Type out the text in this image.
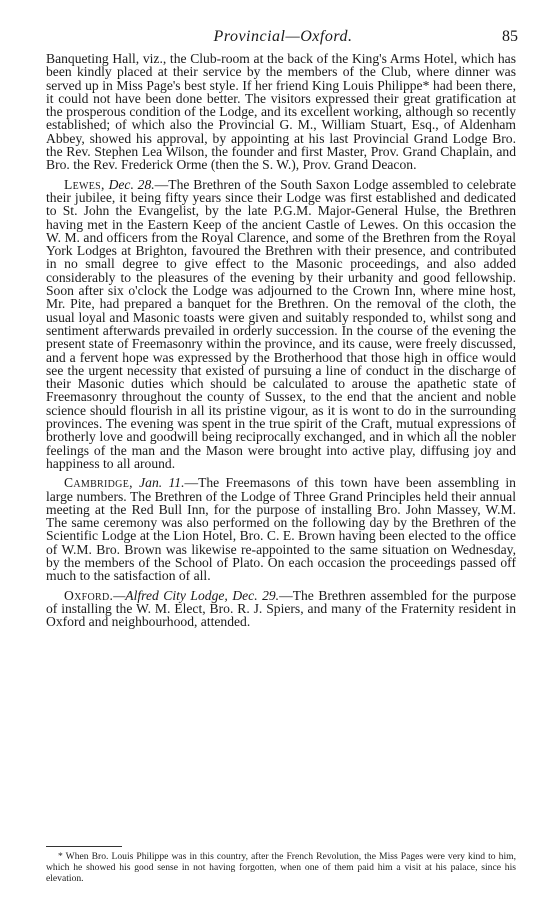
Provincial—Oxford.	85

Banqueting Hall, viz., the Club-room at the back of the King's Arms Hotel, which has been kindly placed at their service by the members of the Club, where dinner was served up in Miss Page's best style. If her friend King Louis Philippe* had been there, it could not have been done better. The visitors expressed their great gratification at the prosperous condition of the Lodge, and its excellent working, although so recently established; of which also the Provincial G. M., William Stuart, Esq., of Aldenham Abbey, showed his approval, by appointing at his last Provincial Grand Lodge Bro. the Rev. Stephen Lea Wilson, the founder and first Master, Prov. Grand Chaplain, and Bro. the Rev. Frederick Orme (then the S. W.), Prov. Grand Deacon.

Lewes, Dec. 28.—The Brethren of the South Saxon Lodge assembled to celebrate their jubilee, it being fifty years since their Lodge was first established and dedicated to St. John the Evangelist, by the late P.G.M. Major-General Hulse, the Brethren having met in the Eastern Keep of the ancient Castle of Lewes. On this occasion the W. M. and officers from the Royal Clarence, and some of the Brethren from the Royal York Lodges at Brighton, favoured the Brethren with their presence, and contributed in no small degree to give effect to the Masonic proceedings, and also added considerably to the pleasures of the evening by their urbanity and good fellowship. Soon after six o'clock the Lodge was adjourned to the Crown Inn, where mine host, Mr. Pite, had prepared a banquet for the Brethren. On the removal of the cloth, the usual loyal and Masonic toasts were given and suitably responded to, whilst song and sentiment afterwards prevailed in orderly succession. In the course of the evening the present state of Freemasonry within the province, and its cause, were freely discussed, and a fervent hope was expressed by the Brotherhood that those high in office would see the urgent necessity that existed of pursuing a line of conduct in the discharge of their Masonic duties which should be calculated to arouse the apathetic state of Freemasonry throughout the county of Sussex, to the end that the ancient and noble science should flourish in all its pristine vigour, as it is wont to do in the surrounding provinces. The evening was spent in the true spirit of the Craft, mutual expressions of brotherly love and goodwill being reciprocally exchanged, and in which all the nobler feelings of the man and the Mason were brought into active play, diffusing joy and happiness to all around.

Cambridge, Jan. 11.—The Freemasons of this town have been assembling in large numbers. The Brethren of the Lodge of Three Grand Principles held their annual meeting at the Red Bull Inn, for the purpose of installing Bro. John Massey, W.M. The same ceremony was also performed on the following day by the Brethren of the Scientific Lodge at the Lion Hotel, Bro. C. E. Brown having been elected to the office of W.M. Bro. Brown was likewise re-appointed to the same situation on Wednesday, by the members of the School of Plato. On each occasion the proceedings passed off much to the satisfaction of all.

Oxford.—Alfred City Lodge, Dec. 29.—The Brethren assembled for the purpose of installing the W. M. Elect, Bro. R. J. Spiers, and many of the Fraternity resident in Oxford and neighbourhood, attended.

* When Bro. Louis Philippe was in this country, after the French Revolution, the Miss Pages were very kind to him, which he showed his good sense in not having forgotten, when one of them paid him a visit at his palace, since his elevation.
